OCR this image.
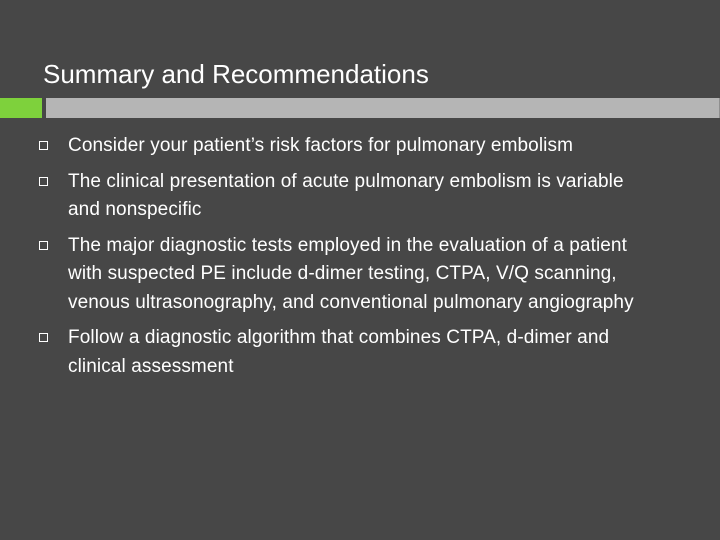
Summary and Recommendations
Consider your patient’s risk factors for pulmonary embolism
The clinical presentation of acute pulmonary embolism is variable and nonspecific
The major diagnostic tests employed in the evaluation of a patient with suspected PE include d-dimer testing, CTPA, V/Q scanning, venous ultrasonography, and conventional pulmonary angiography
Follow a diagnostic algorithm that combines CTPA, d-dimer and clinical assessment
